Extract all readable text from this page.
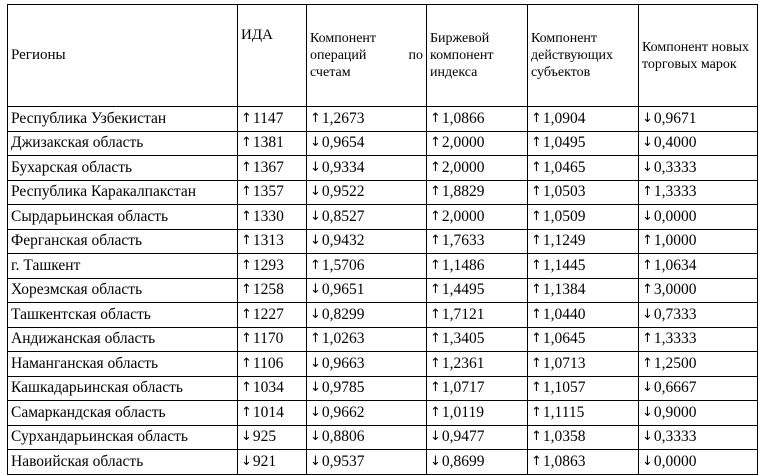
Регионы	ИДА	Компонент операций по счетам	Биржевой компонент индекса	Компонент действующих субъектов	Компонент новых торговых марок
Республика Узбекистан	↑1147	↑1,2673	↑1,0866	↑1,0904	↓0,9671
Джизакская область	↑1381	↓0,9654	↑2,0000	↑1,0495	↓0,4000
Бухарская область	↑1367	↓0,9334	↑2,0000	↑1,0465	↓0,3333
Республика Каракалпакстан	↑1357	↓0,9522	↑1,8829	↑1,0503	↑1,3333
Сырдарьинская область	↑1330	↓0,8527	↑2,0000	↑1,0509	↓0,0000
Ферганская область	↑1313	↓0,9432	↑1,7633	↑1,1249	↑1,0000
г. Ташкент	↑1293	↑1,5706	↑1,1486	↑1,1445	↑1,0634
Хорезмская область	↑1258	↓0,9651	↑1,4495	↑1,1384	↑3,0000
Ташкентская область	↑1227	↓0,8299	↑1,7121	↑1,0440	↓0,7333
Андижанская область	↑1170	↑1,0263	↑1,3405	↑1,0645	↑1,3333
Наманганская область	↑1106	↓0,9663	↑1,2361	↑1,0713	↑1,2500
Кашкадарьинская область	↑1034	↓0,9785	↑1,0717	↑1,1057	↓0,6667
Самаркандская область	↑1014	↓0,9662	↑1,0119	↑1,1115	↓0,9000
Сурхандарьинская область	↓925	↓0,8806	↓0,9477	↑1,0358	↓0,3333
Навоийская область	↓921	↓0,9537	↓0,8699	↑1,0863	↓0,0000
